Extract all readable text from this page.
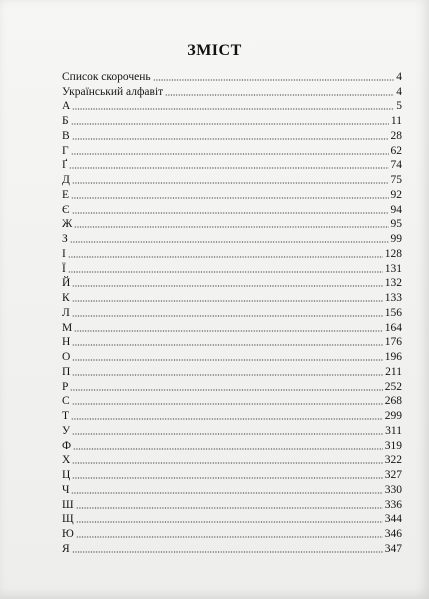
ЗМІСТ
Список скорочень	4
Український алфавіт	4
А	5
Б	11
В	28
Г	62
Ґ	74
Д	75
Е	92
Є	94
Ж	95
З	99
І	128
Ї	131
Й	132
К	133
Л	156
М	164
Н	176
О	196
П	211
Р	252
С	268
Т	299
У	311
Ф	319
Х	322
Ц	327
Ч	330
Ш	336
Щ	344
Ю	346
Я	347
